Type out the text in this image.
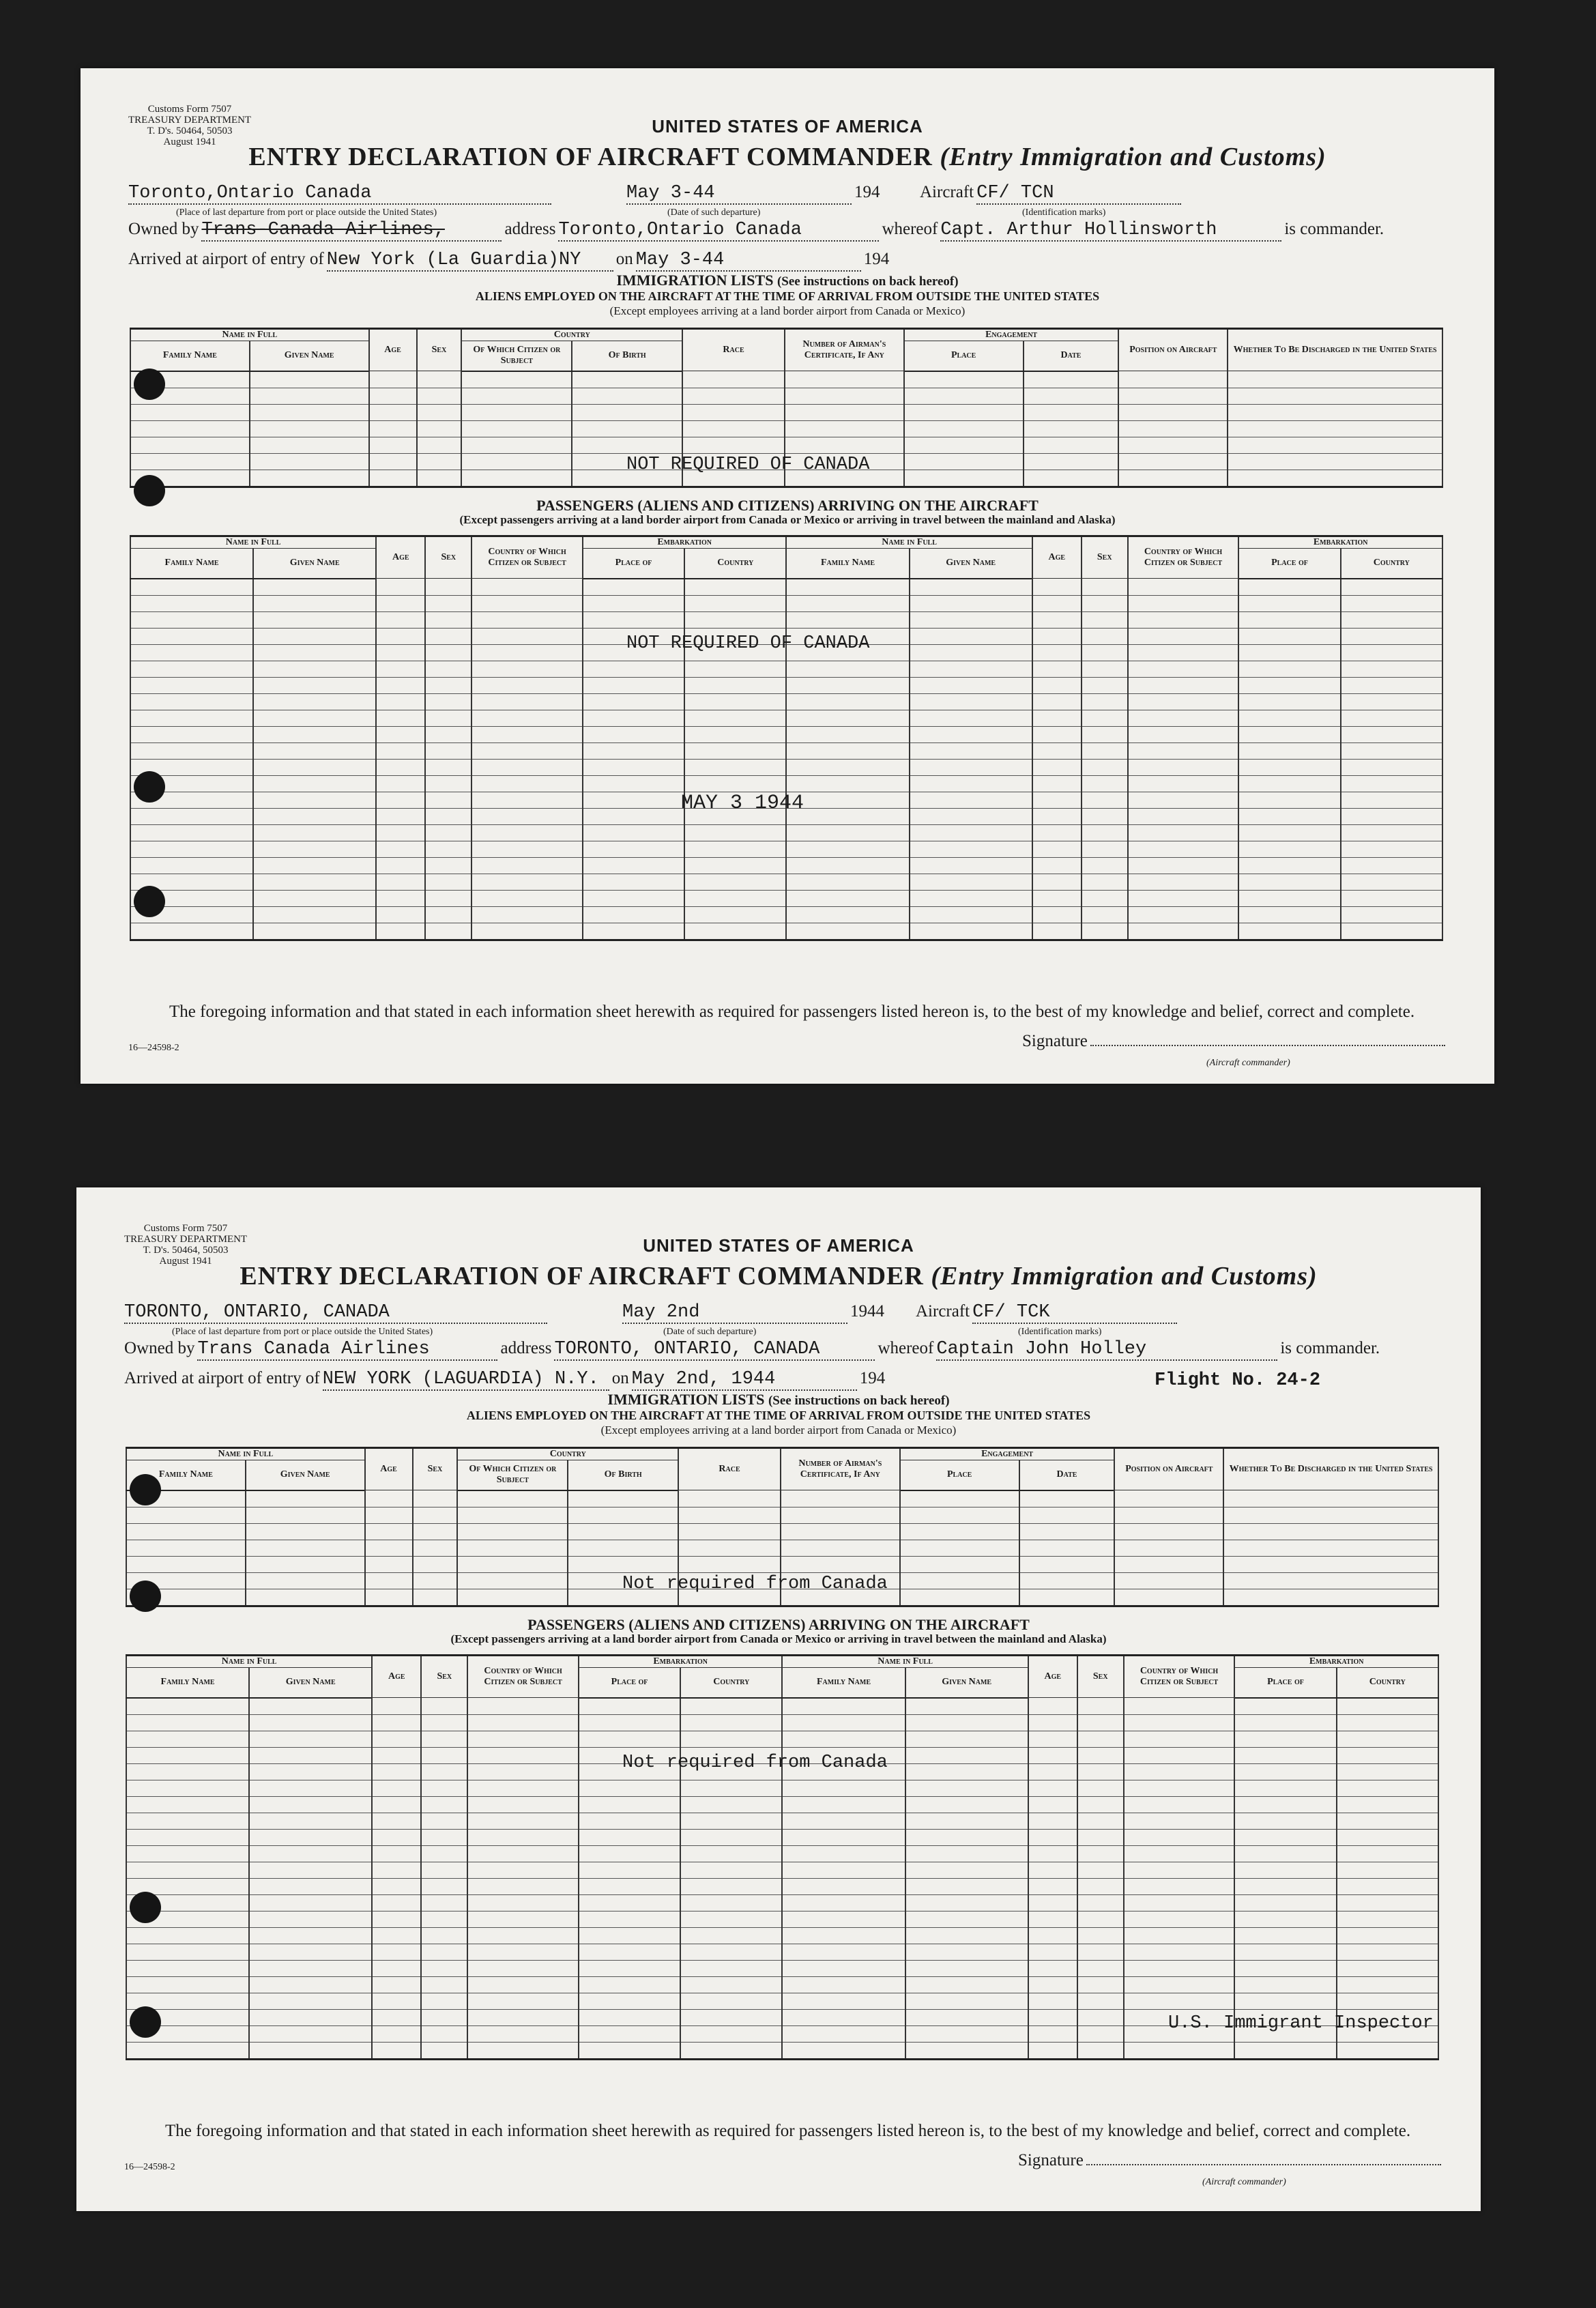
Customs Form 7507
TREASURY DEPARTMENT
T. D's. 50464, 50503
August 1941
UNITED STATES OF AMERICA
ENTRY DECLARATION OF AIRCRAFT COMMANDER (Entry Immigration and Customs)
Toronto,Ontario Canada
(Place of last departure from port or place outside the United States)
May 3-44	194
(Date of such departure)
Aircraft CF/ TCN
(Identification marks)
Owned by Trans-Canada Airlines,	address Toronto,Ontario Canada	whereof Capt. Arthur Hollinsworth	is commander.
Arrived at airport of entry of New York (La Guardia)NY on May 3-44	194
IMMIGRATION LISTS (See instructions on back hereof)
ALIENS EMPLOYED ON THE AIRCRAFT AT THE TIME OF ARRIVAL FROM OUTSIDE THE UNITED STATES
(Except employees arriving at a land border airport from Canada or Mexico)
Name in Full		Age	Sex	Country		Race	Number of Airman's Certificate, If Any	Engagement		Position on Aircraft	Whether To Be Discharged in the United States
Family Name	Given Name			Of Which Citizen or Subject	Of Birth			Place	Date		

NOT REQUIRED OF CANADA
PASSENGERS (ALIENS AND CITIZENS) ARRIVING ON THE AIRCRAFT
(Except passengers arriving at a land border airport from Canada or Mexico or arriving in travel between the mainland and Alaska)
Name in Full		Age	Sex	Country of Which Citizen or Subject	Embarkation		Name in Full		Age	Sex	Country of Which Citizen or Subject	Embarkation	
Family Name	Given Name				Place of	Country	Family Name	Given Name				Place of	Country

NOT REQUIRED OF CANADA
MAY 3 1944
The foregoing information and that stated in each information sheet herewith as required for passengers listed hereon is, to the best of my knowledge and belief, correct and complete.
16—24598-2	Signature
(Aircraft commander)
Customs Form 7507
TREASURY DEPARTMENT
T. D's. 50464, 50503
August 1941
UNITED STATES OF AMERICA
ENTRY DECLARATION OF AIRCRAFT COMMANDER (Entry Immigration and Customs)
TORONTO, ONTARIO, CANADA
(Place of last departure from port or place outside the United States)
May 2nd	1944
(Date of such departure)
Aircraft CF/ TCK
(Identification marks)
Owned by Trans Canada Airlines	address TORONTO, ONTARIO, CANADA	whereof Captain John Holley	is commander.
Arrived at airport of entry of NEW YORK (LAGUARDIA) N.Y. on May 2nd, 1944	194	Flight No. 24-2
IMMIGRATION LISTS (See instructions on back hereof)
ALIENS EMPLOYED ON THE AIRCRAFT AT THE TIME OF ARRIVAL FROM OUTSIDE THE UNITED STATES
(Except employees arriving at a land border airport from Canada or Mexico)
Name in Full		Age	Sex	Country		Race	Number of Airman's Certificate, If Any	Engagement		Position on Aircraft	Whether To Be Discharged in the United States
Family Name	Given Name			Of Which Citizen or Subject	Of Birth			Place	Date		

Not required from Canada
PASSENGERS (ALIENS AND CITIZENS) ARRIVING ON THE AIRCRAFT
(Except passengers arriving at a land border airport from Canada or Mexico or arriving in travel between the mainland and Alaska)
Name in Full		Age	Sex	Country of Which Citizen or Subject	Embarkation		Name in Full		Age	Sex	Country of Which Citizen or Subject	Embarkation	
Family Name	Given Name				Place of	Country	Family Name	Given Name				Place of	Country

Not required from Canada
U.S. Immigrant Inspector
The foregoing information and that stated in each information sheet herewith as required for passengers listed hereon is, to the best of my knowledge and belief, correct and complete.
16—24598-2	Signature
(Aircraft commander)
